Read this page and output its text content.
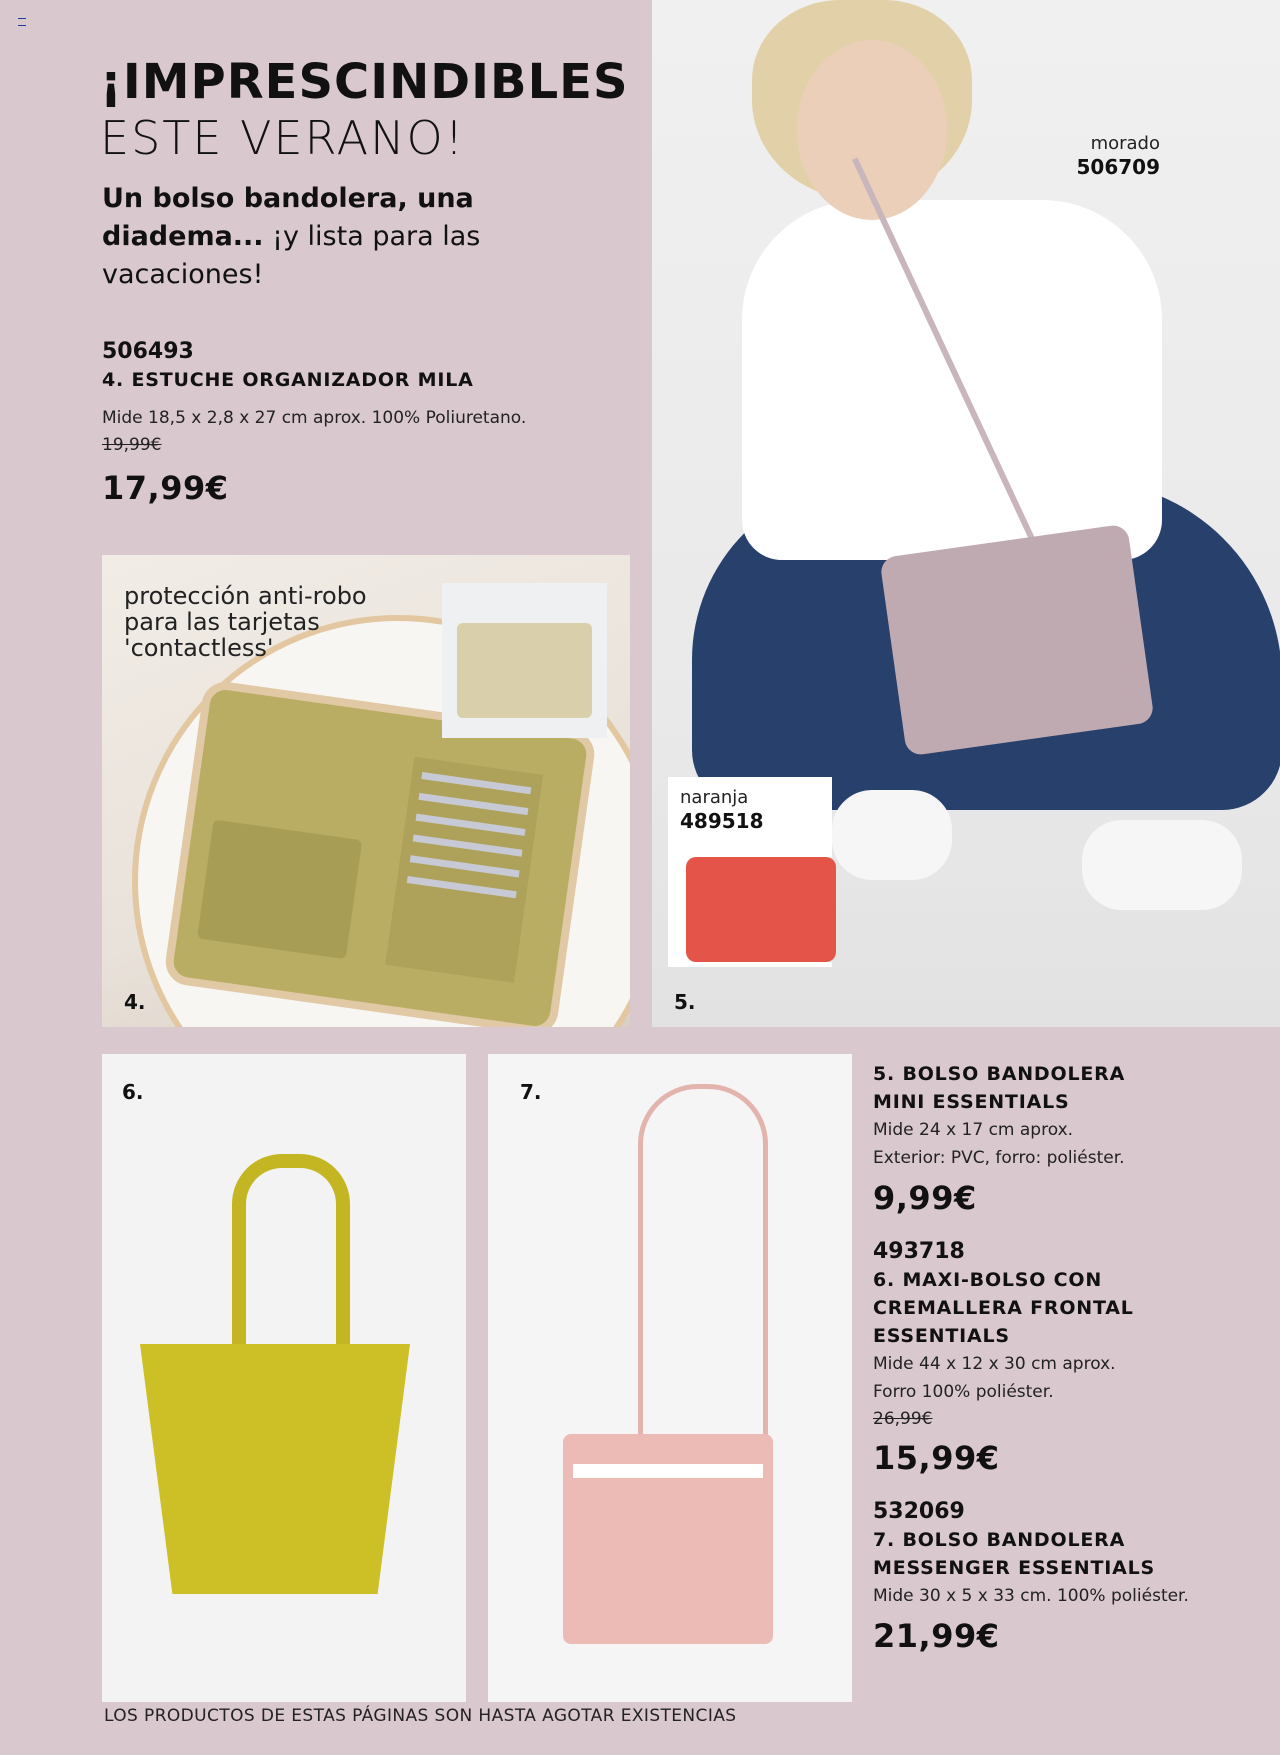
¡IMPRESCINDIBLES
ESTE VERANO!
Un bolso bandolera, una diadema... ¡y lista para las vacaciones!
506493
4. ESTUCHE ORGANIZADOR MILA
Mide 18,5 x 2,8 x 27 cm aprox. 100% Poliuretano.
19,99€
17,99€
protección anti-robo para las tarjetas 'contactless'
4.
morado
506709
naranja
489518
5.
6.	7.
5. BOLSO BANDOLERA
MINI ESSENTIALS
Mide 24 x 17 cm aprox.
Exterior: PVC, forro: poliéster.
9,99€
493718
6. MAXI-BOLSO CON
CREMALLERA FRONTAL
ESSENTIALS
Mide 44 x 12 x 30 cm aprox.
Forro 100% poliéster.
26,99€
15,99€
532069
7. BOLSO BANDOLERA
MESSENGER ESSENTIALS
Mide 30 x 5 x 33 cm. 100% poliéster.
21,99€
LOS PRODUCTOS DE ESTAS PÁGINAS SON HASTA AGOTAR EXISTENCIAS
